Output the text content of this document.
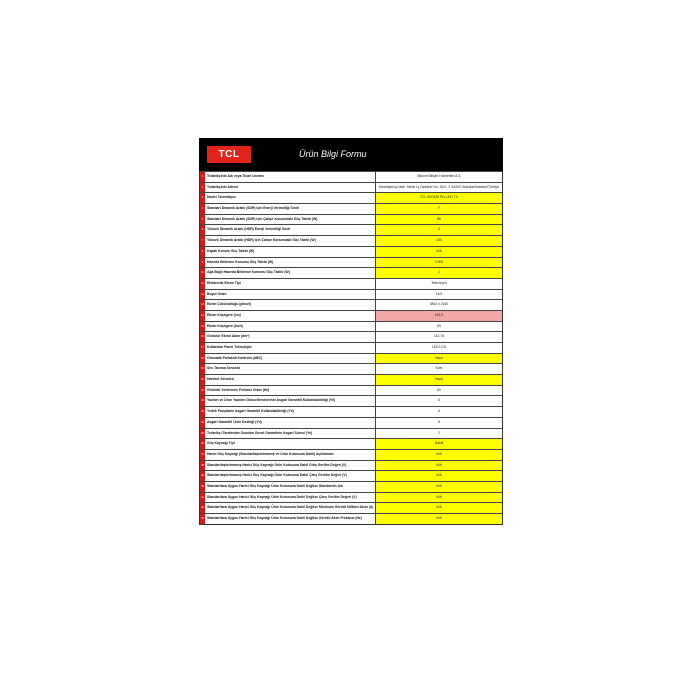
TCL	Ürün Bilgi Formu
1	Tedarikçinin Adı veya Ticari Unvanı	Bilkom Bilişim Hizmetleri A.Ş
2	Tedarikçinin Adresi	Mecidiyeköy Mah. Mehir İş Caddesi No: 38 K: 3 34400 Üsküdar/İstanbul/Türkiye
3	Model Tanımlayıcı	TCL 65C635 Pro LED TV
4	Standart Dinamik Aralık (SDR) için Enerji Verimliliği Sınıfı	F
5	Standart Dinamik Aralık (SDR) için Çalışır Konumdaki Güç Talebi (W)	86
6	Yüksek Dinamik Aralık (HDR) Enerji Verimliliği Sınıfı	G
7	Yüksek Dinamik Aralık (HDR) için Çalışır Konumdaki Güç Talebi (W)	150
8	Kapalı Konum Güç Talebi (W)	N/A
9	Hazırda Bekleme Konumu Güç Talebi (W)	0,500
10 Ağa Bağlı Hazırda Bekleme Konumu Güç Talebi (W)	2
11 Elektronik Ekran Tipi	Televizyon
12 Boyut Oranı	16:9
13 Ekran Çözünürlüğü (piksel)	3840 x 2160
14 Ekran Köşegeni (cm)	163,9
15 Ekran Köşegeni (inch)	65
16 Görünür Ekran Alanı (dm²)	114,78
17 Kullanılan Panel Teknolojisi	LED LCD
18 Otomatik Parlaklık Kontrolü (ABC)	Hayır
19 Ses Tanıma Sensörü	Evet
20 Hareket Sensörü	Hayır
21 Görüntü Yenilenme Frekans Oranı (Hz)	60
22 Yazılım ve Ürün Yazılımı Güncellemelerinin Asgari Garantili Kullanılabilirliği (Yıl)	8
23 Yedek Parçaların Asgari Garantili Kullanılabilirliği (Yıl)	8
24 Asgari Garantili Ürün Desteği (Yıl)	8
25 Tedarikçi Tarafından Sunulan Genel Garantinin Asgari Süresi (Yıl)	2
26 Güç Kaynağı Tipi	Dahili
27 Harici Güç Kaynağı (Standartlaştırılmamış ve Ürün Kutusuna Dahil) Açıklaması	N/A
28 Standartlaştırılmamış Harici Güç Kaynağı Ürün Kutusuna Dahil Giriş Gerilim Değeri (V)	N/A
29 Standartlaştırılmamış Harici Güç Kaynağı Ürün Kutusuna Dahil Çıkış Gerilim Değeri (V)	N/A
30 Standartlara Uygun Harici Güç Kaynağı Ürün Kutusuna Dahil Değilse Standardın Adı	N/A
31 Standartlara Uygun Harici Güç Kaynağı Ürün Kutusuna Dahil Değilse Çıkış Gerilim Değeri (V)	N/A
32 Standartlara Uygun Harici Güç Kaynağı Ürün Kutusuna Dahil Değilse Minimum Gerekli Nitiben Akım (A)	N/A
33 Standartlara Uygun Harici Güç Kaynağı Ürün Kutusuna Dahil Değilse Gerekli Akım Frekansı (Hz)	N/A
